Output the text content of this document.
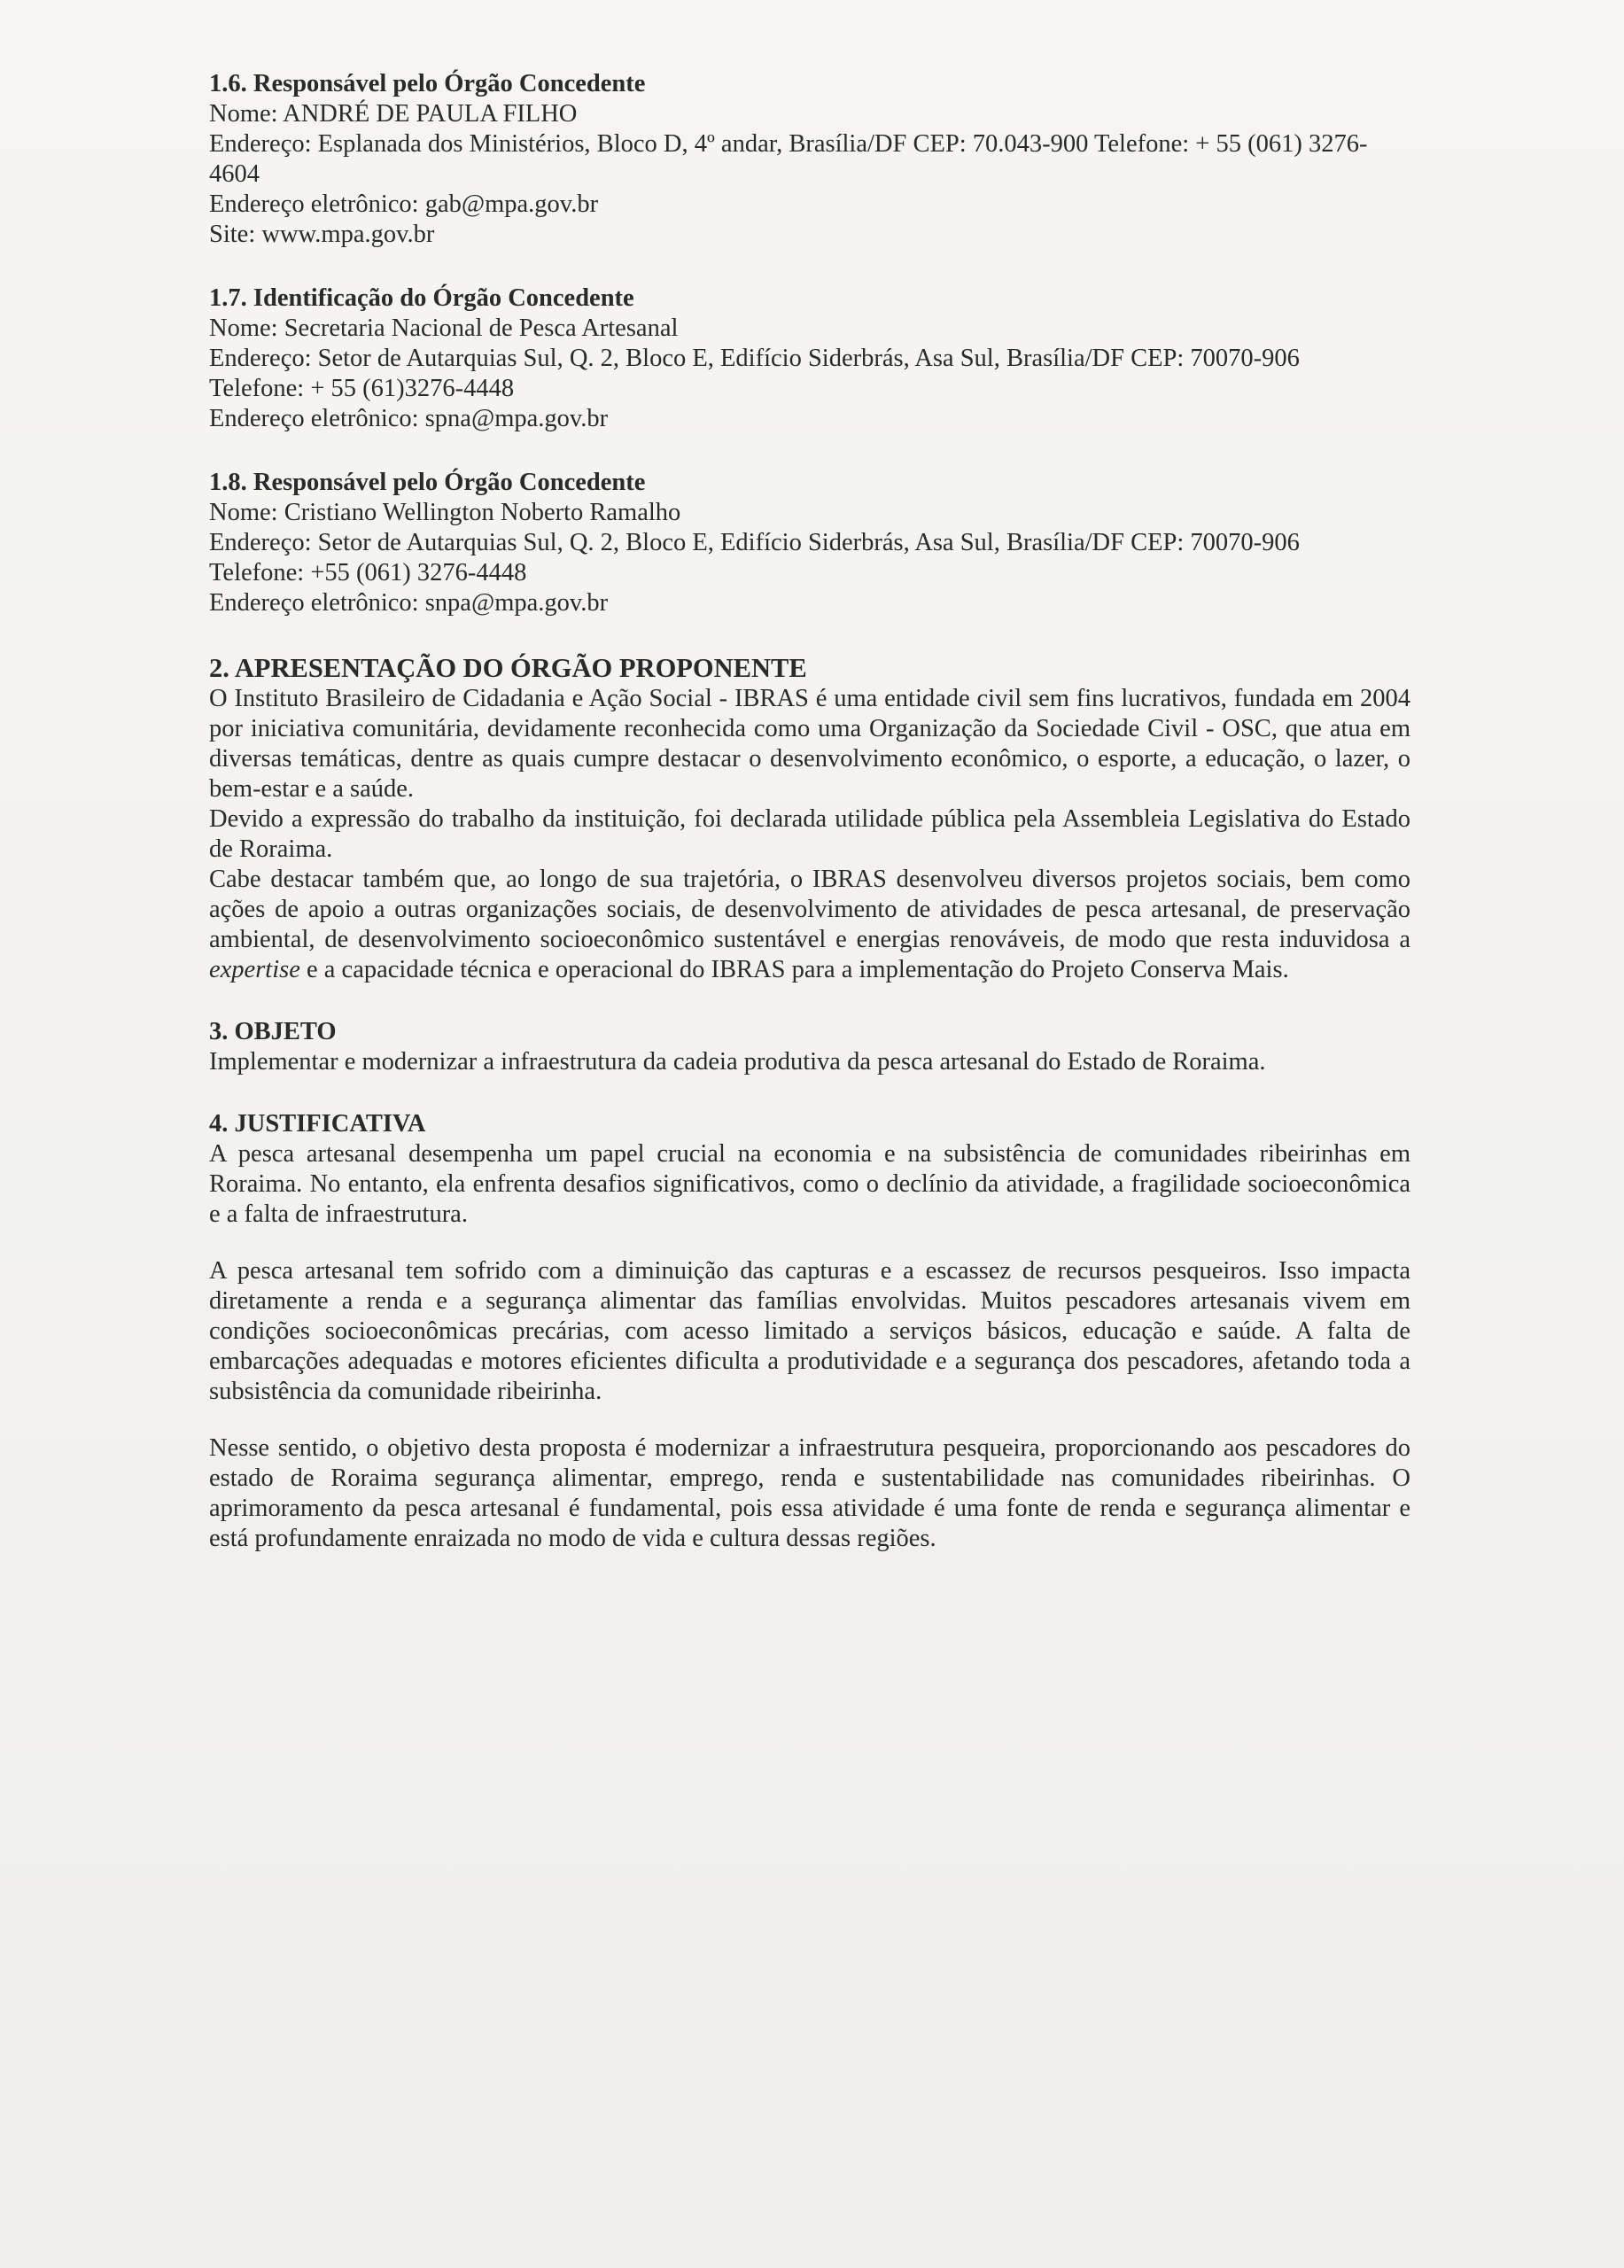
1.6. Responsável pelo Órgão Concedente

Nome: ANDRÉ DE PAULA FILHO

Endereço: Esplanada dos Ministérios, Bloco D, 4º andar, Brasília/DF CEP: 70.043-900 Telefone: + 55 (061) 3276-4604

Endereço eletrônico: gab@mpa.gov.br

Site: www.mpa.gov.br

1.7. Identificação do Órgão Concedente

Nome: Secretaria Nacional de Pesca Artesanal

Endereço: Setor de Autarquias Sul, Q. 2, Bloco E, Edifício Siderbrás, Asa Sul, Brasília/DF CEP: 70070-906

Telefone: + 55 (61)3276-4448

Endereço eletrônico: spna@mpa.gov.br

1.8. Responsável pelo Órgão Concedente

Nome: Cristiano Wellington Noberto Ramalho

Endereço: Setor de Autarquias Sul, Q. 2, Bloco E, Edifício Siderbrás, Asa Sul, Brasília/DF CEP: 70070-906

Telefone: +55 (061) 3276-4448

Endereço eletrônico: snpa@mpa.gov.br

2. APRESENTAÇÃO DO ÓRGÃO PROPONENTE

O Instituto Brasileiro de Cidadania e Ação Social - IBRAS é uma entidade civil sem fins lucrativos, fundada em 2004 por iniciativa comunitária, devidamente reconhecida como uma Organização da Sociedade Civil - OSC, que atua em diversas temáticas, dentre as quais cumpre destacar o desenvolvimento econômico, o esporte, a educação, o lazer, o bem-estar e a saúde.

Devido a expressão do trabalho da instituição, foi declarada utilidade pública pela Assembleia Legislativa do Estado de Roraima.

Cabe destacar também que, ao longo de sua trajetória, o IBRAS desenvolveu diversos projetos sociais, bem como ações de apoio a outras organizações sociais, de desenvolvimento de atividades de pesca artesanal, de preservação ambiental, de desenvolvimento socioeconômico sustentável e energias renováveis, de modo que resta induvidosa a expertise e a capacidade técnica e operacional do IBRAS para a implementação do Projeto Conserva Mais.

3. OBJETO

Implementar e modernizar a infraestrutura da cadeia produtiva da pesca artesanal do Estado de Roraima.

4. JUSTIFICATIVA

A pesca artesanal desempenha um papel crucial na economia e na subsistência de comunidades ribeirinhas em Roraima. No entanto, ela enfrenta desafios significativos, como o declínio da atividade, a fragilidade socioeconômica e a falta de infraestrutura.

A pesca artesanal tem sofrido com a diminuição das capturas e a escassez de recursos pesqueiros. Isso impacta diretamente a renda e a segurança alimentar das famílias envolvidas. Muitos pescadores artesanais vivem em condições socioeconômicas precárias, com acesso limitado a serviços básicos, educação e saúde. A falta de embarcações adequadas e motores eficientes dificulta a produtividade e a segurança dos pescadores, afetando toda a subsistência da comunidade ribeirinha.

Nesse sentido, o objetivo desta proposta é modernizar a infraestrutura pesqueira, proporcionando aos pescadores do estado de Roraima segurança alimentar, emprego, renda e sustentabilidade nas comunidades ribeirinhas. O aprimoramento da pesca artesanal é fundamental, pois essa atividade é uma fonte de renda e segurança alimentar e está profundamente enraizada no modo de vida e cultura dessas regiões.
